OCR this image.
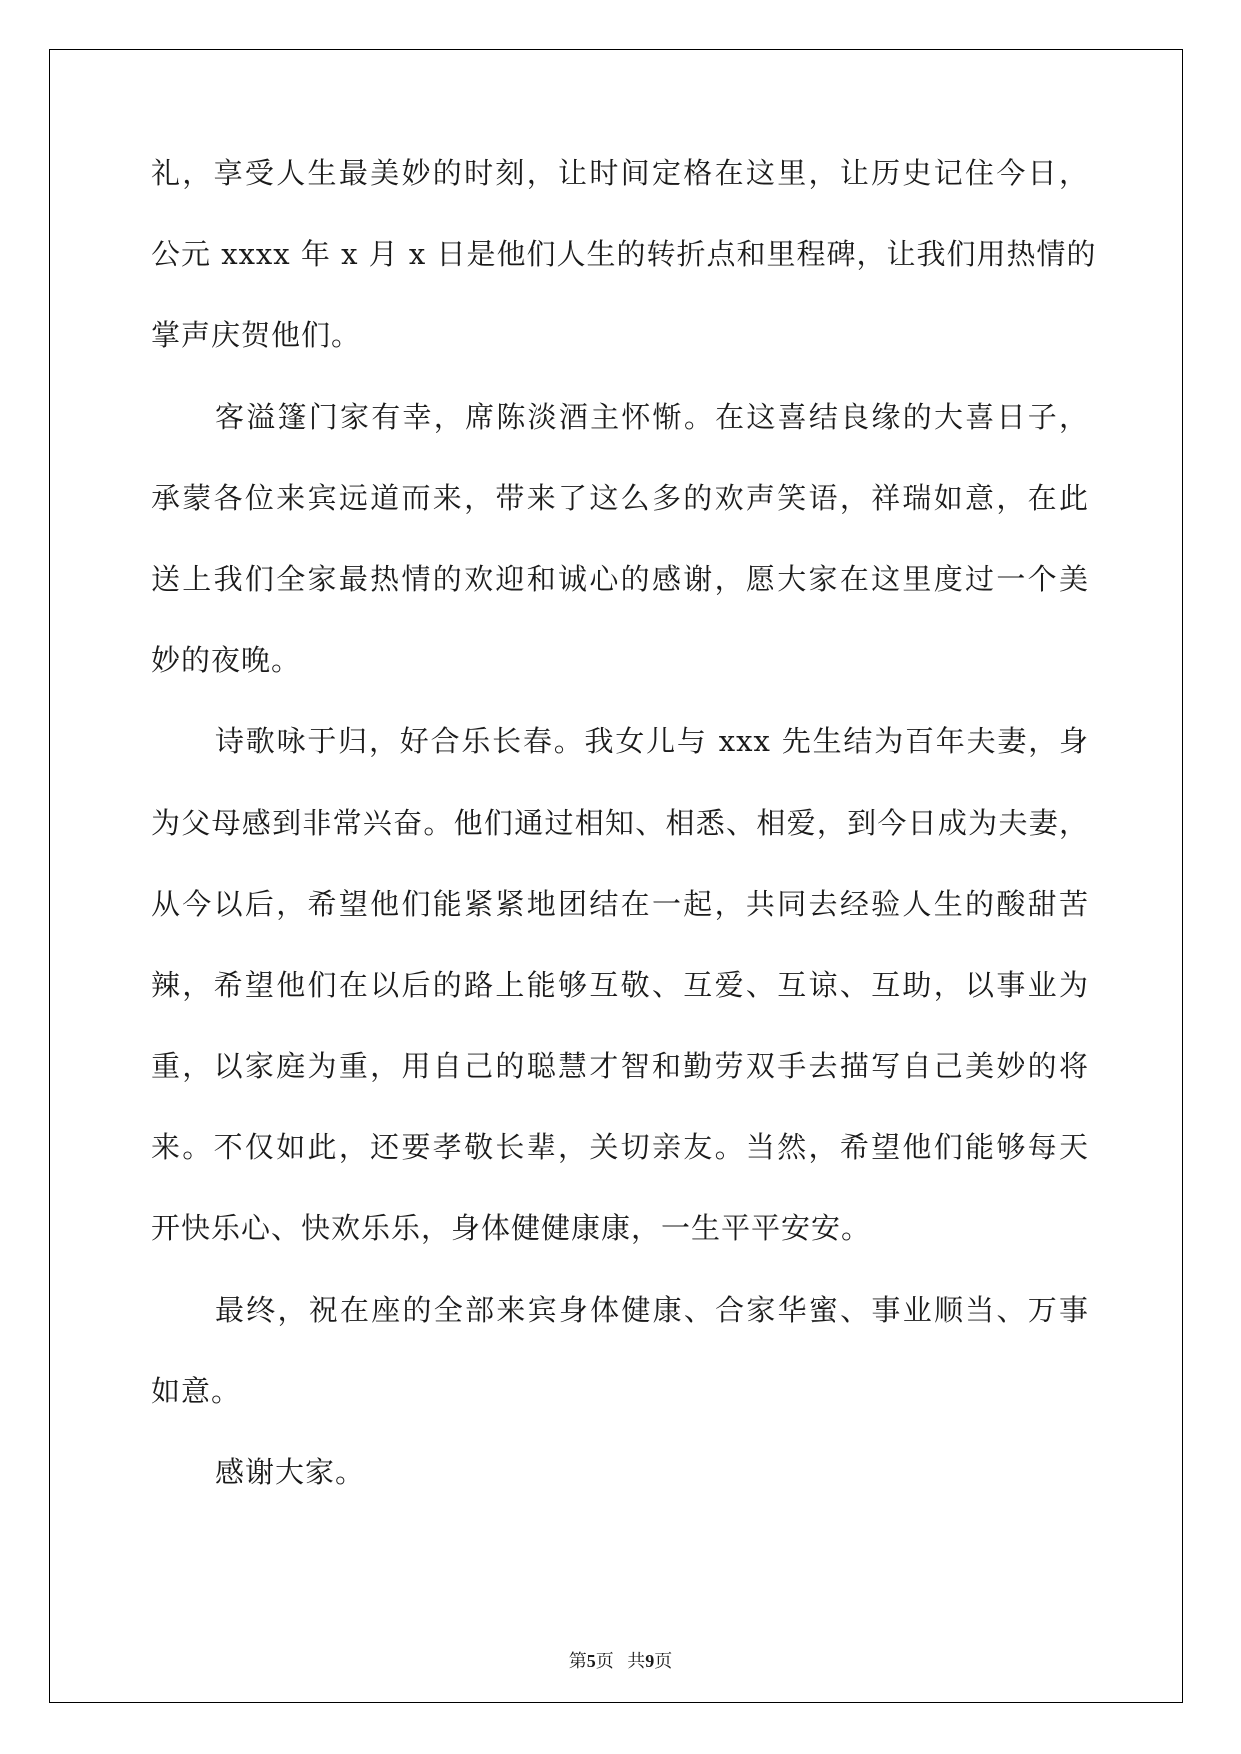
礼，享受人生最美妙的时刻，让时间定格在这里，让历史记住今日，
公元 xxxx 年 x 月 x 日是他们人生的转折点和里程碑，让我们用热情的
掌声庆贺他们。
客溢篷门家有幸，席陈淡酒主怀惭。在这喜结良缘的大喜日子，
承蒙各位来宾远道而来，带来了这么多的欢声笑语，祥瑞如意，在此
送上我们全家最热情的欢迎和诚心的感谢，愿大家在这里度过一个美
妙的夜晚。
诗歌咏于归，好合乐长春。我女儿与 xxx 先生结为百年夫妻，身
为父母感到非常兴奋。他们通过相知、相悉、相爱，到今日成为夫妻，
从今以后，希望他们能紧紧地团结在一起，共同去经验人生的酸甜苦
辣，希望他们在以后的路上能够互敬、互爱、互谅、互助，以事业为
重，以家庭为重，用自己的聪慧才智和勤劳双手去描写自己美妙的将
来。不仅如此，还要孝敬长辈，关切亲友。当然，希望他们能够每天
开快乐心、快欢乐乐，身体健健康康，一生平平安安。
最终，祝在座的全部来宾身体健康、合家华蜜、事业顺当、万事
如意。
感谢大家。
第5页   共9页
